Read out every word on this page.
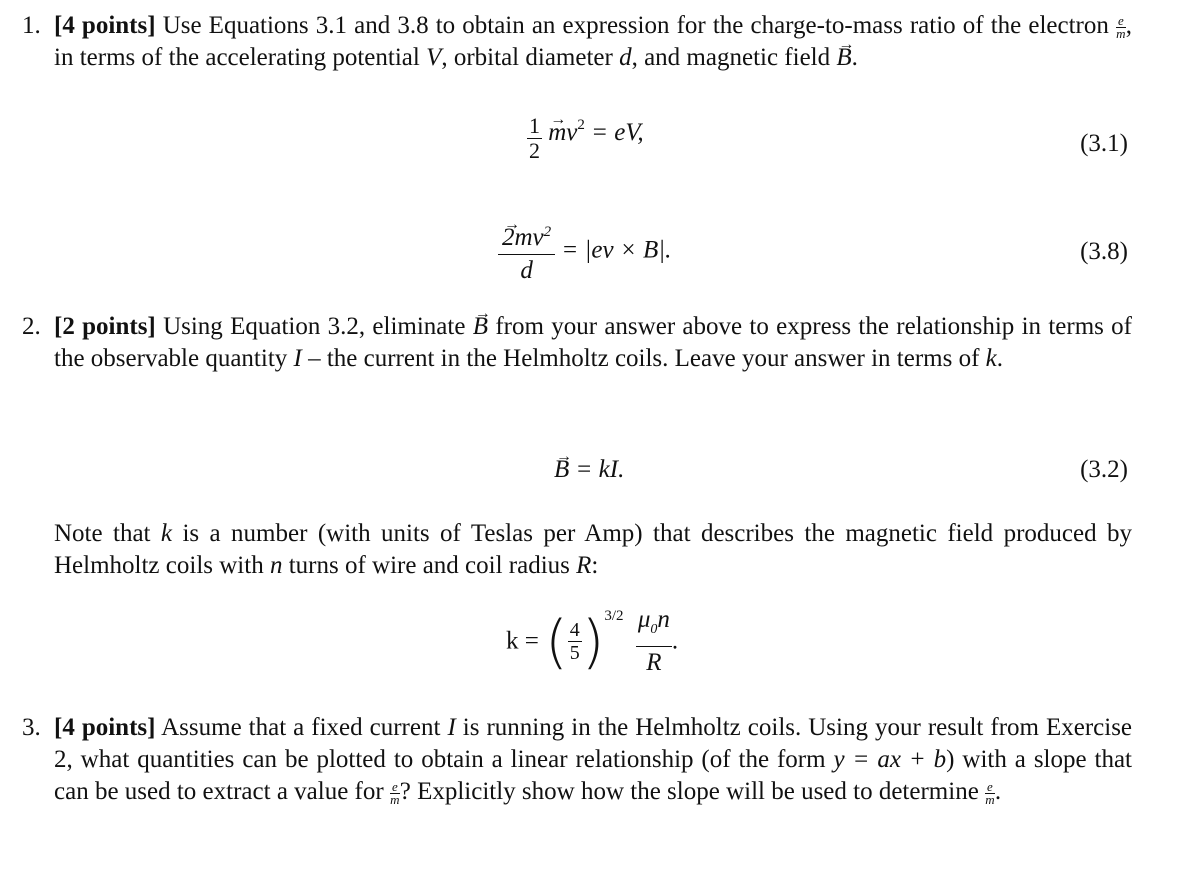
1. [4 points] Use Equations 3.1 and 3.8 to obtain an expression for the charge-to-mass ratio of the electron $\frac{e}{m}$ , in terms of the accelerating potential V, orbital diameter d, and magnetic field → B.
$\frac{1}{2}$
→ $mv^2$ = eV,	(3.1)
→ $\frac{2mv^2}{d} = |ev \times B|$.	(3.8)
2. [2 points] Using Equation 3.2, eliminate → B from your answer above to express the relationship in terms of the observable quantity I – the current in the Helmholtz coils. Leave your answer in terms of k.
→ B = kI.	(3.2)
Note that k is a number (with units of Teslas per Amp) that describes the magnetic field produced by Helmholtz coils with n turns of wire and coil radius R:
k = ( $\frac{4}{5} )^{3/2} \frac{\mu_0n}{R}$ .
3. [4 points] Assume that a fixed current I is running in the Helmholtz coils. Using your result from Exercise 2, what quantities can be plotted to obtain a linear relationship (of the form y = ax + b) with a slope that can be used to extract a value for $\frac{e}{m}$ ? Explicitly show how the slope will be used to determine $\frac{e}{m}$ .
